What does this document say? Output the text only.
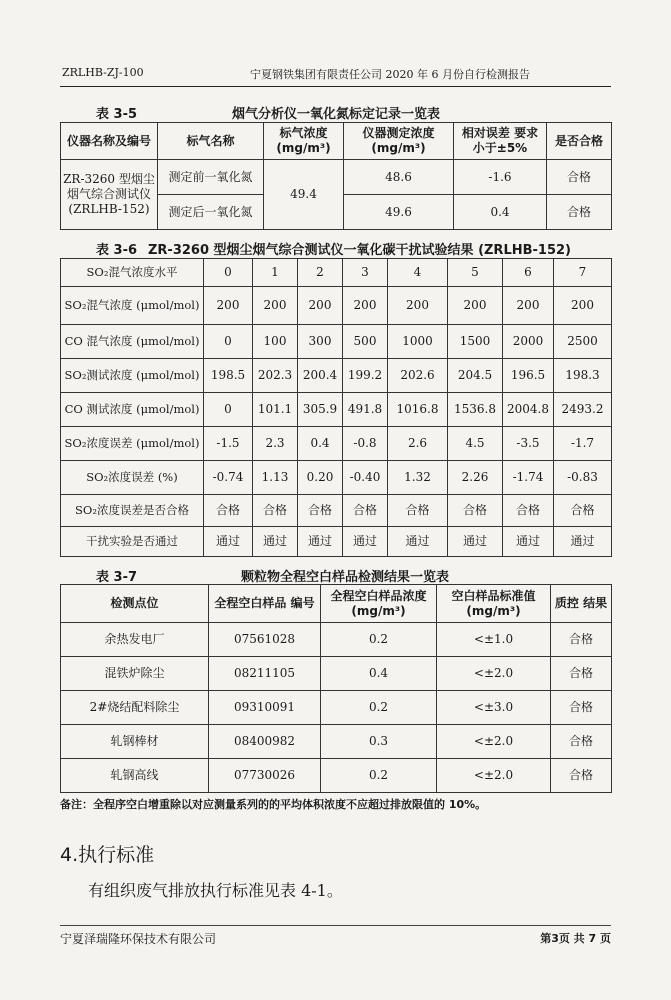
ZRLHB-ZJ-100	宁夏钢铁集团有限责任公司 2020 年 6 月份自行检测报告
表 3-5	烟气分析仪一氧化氮标定记录一览表
仪器名称及编号	标气名称	标气浓度 (mg/m³)	仪器测定浓度 (mg/m³)	相对误差 要求小于±5%	是否合格
ZR-3260 型烟尘烟气综合测试仪 (ZRLHB-152)	测定前一氧化氮	49.4	48.6	-1.6	合格
	测定后一氧化氮		49.6	0.4	合格
表 3-6 ZR-3260 型烟尘烟气综合测试仪一氧化碳干扰试验结果 (ZRLHB-152)
SO₂混气浓度水平	0	1	2	3	4	5	6	7
SO₂混气浓度 (μmol/mol)	200	200	200	200	200	200	200	200
CO 混气浓度 (μmol/mol)	0	100	300	500	1000	1500	2000	2500
SO₂测试浓度 (μmol/mol)	198.5	202.3	200.4	199.2	202.6	204.5	196.5	198.3
CO 测试浓度 (μmol/mol)	0	101.1	305.9	491.8	1016.8	1536.8	2004.8	2493.2
SO₂浓度误差 (μmol/mol)	-1.5	2.3	0.4	-0.8	2.6	4.5	-3.5	-1.7
SO₂浓度误差 (%)	-0.74	1.13	0.20	-0.40	1.32	2.26	-1.74	-0.83
SO₂浓度误差是否合格	合格	合格	合格	合格	合格	合格	合格	合格
干扰实验是否通过	通过	通过	通过	通过	通过	通过	通过	通过
表 3-7	颗粒物全程空白样品检测结果一览表
检测点位	全程空白样品 编号	全程空白样品浓度 (mg/m³)	空白样品标准值 (mg/m³)	质控 结果
余热发电厂	07561028	0.2	<±1.0	合格
混铁炉除尘	08211105	0.4	<±2.0	合格
2#烧结配料除尘	09310091	0.2	<±3.0	合格
轧钢棒材	08400982	0.3	<±2.0	合格
轧钢高线	07730026	0.2	<±2.0	合格
备注：全程序空白增重除以对应测量系列的的平均体积浓度不应超过排放限值的 10%。
4.执行标准
有组织废气排放执行标准见表 4-1。
宁夏泽瑞隆环保技术有限公司	第3页 共 7 页
